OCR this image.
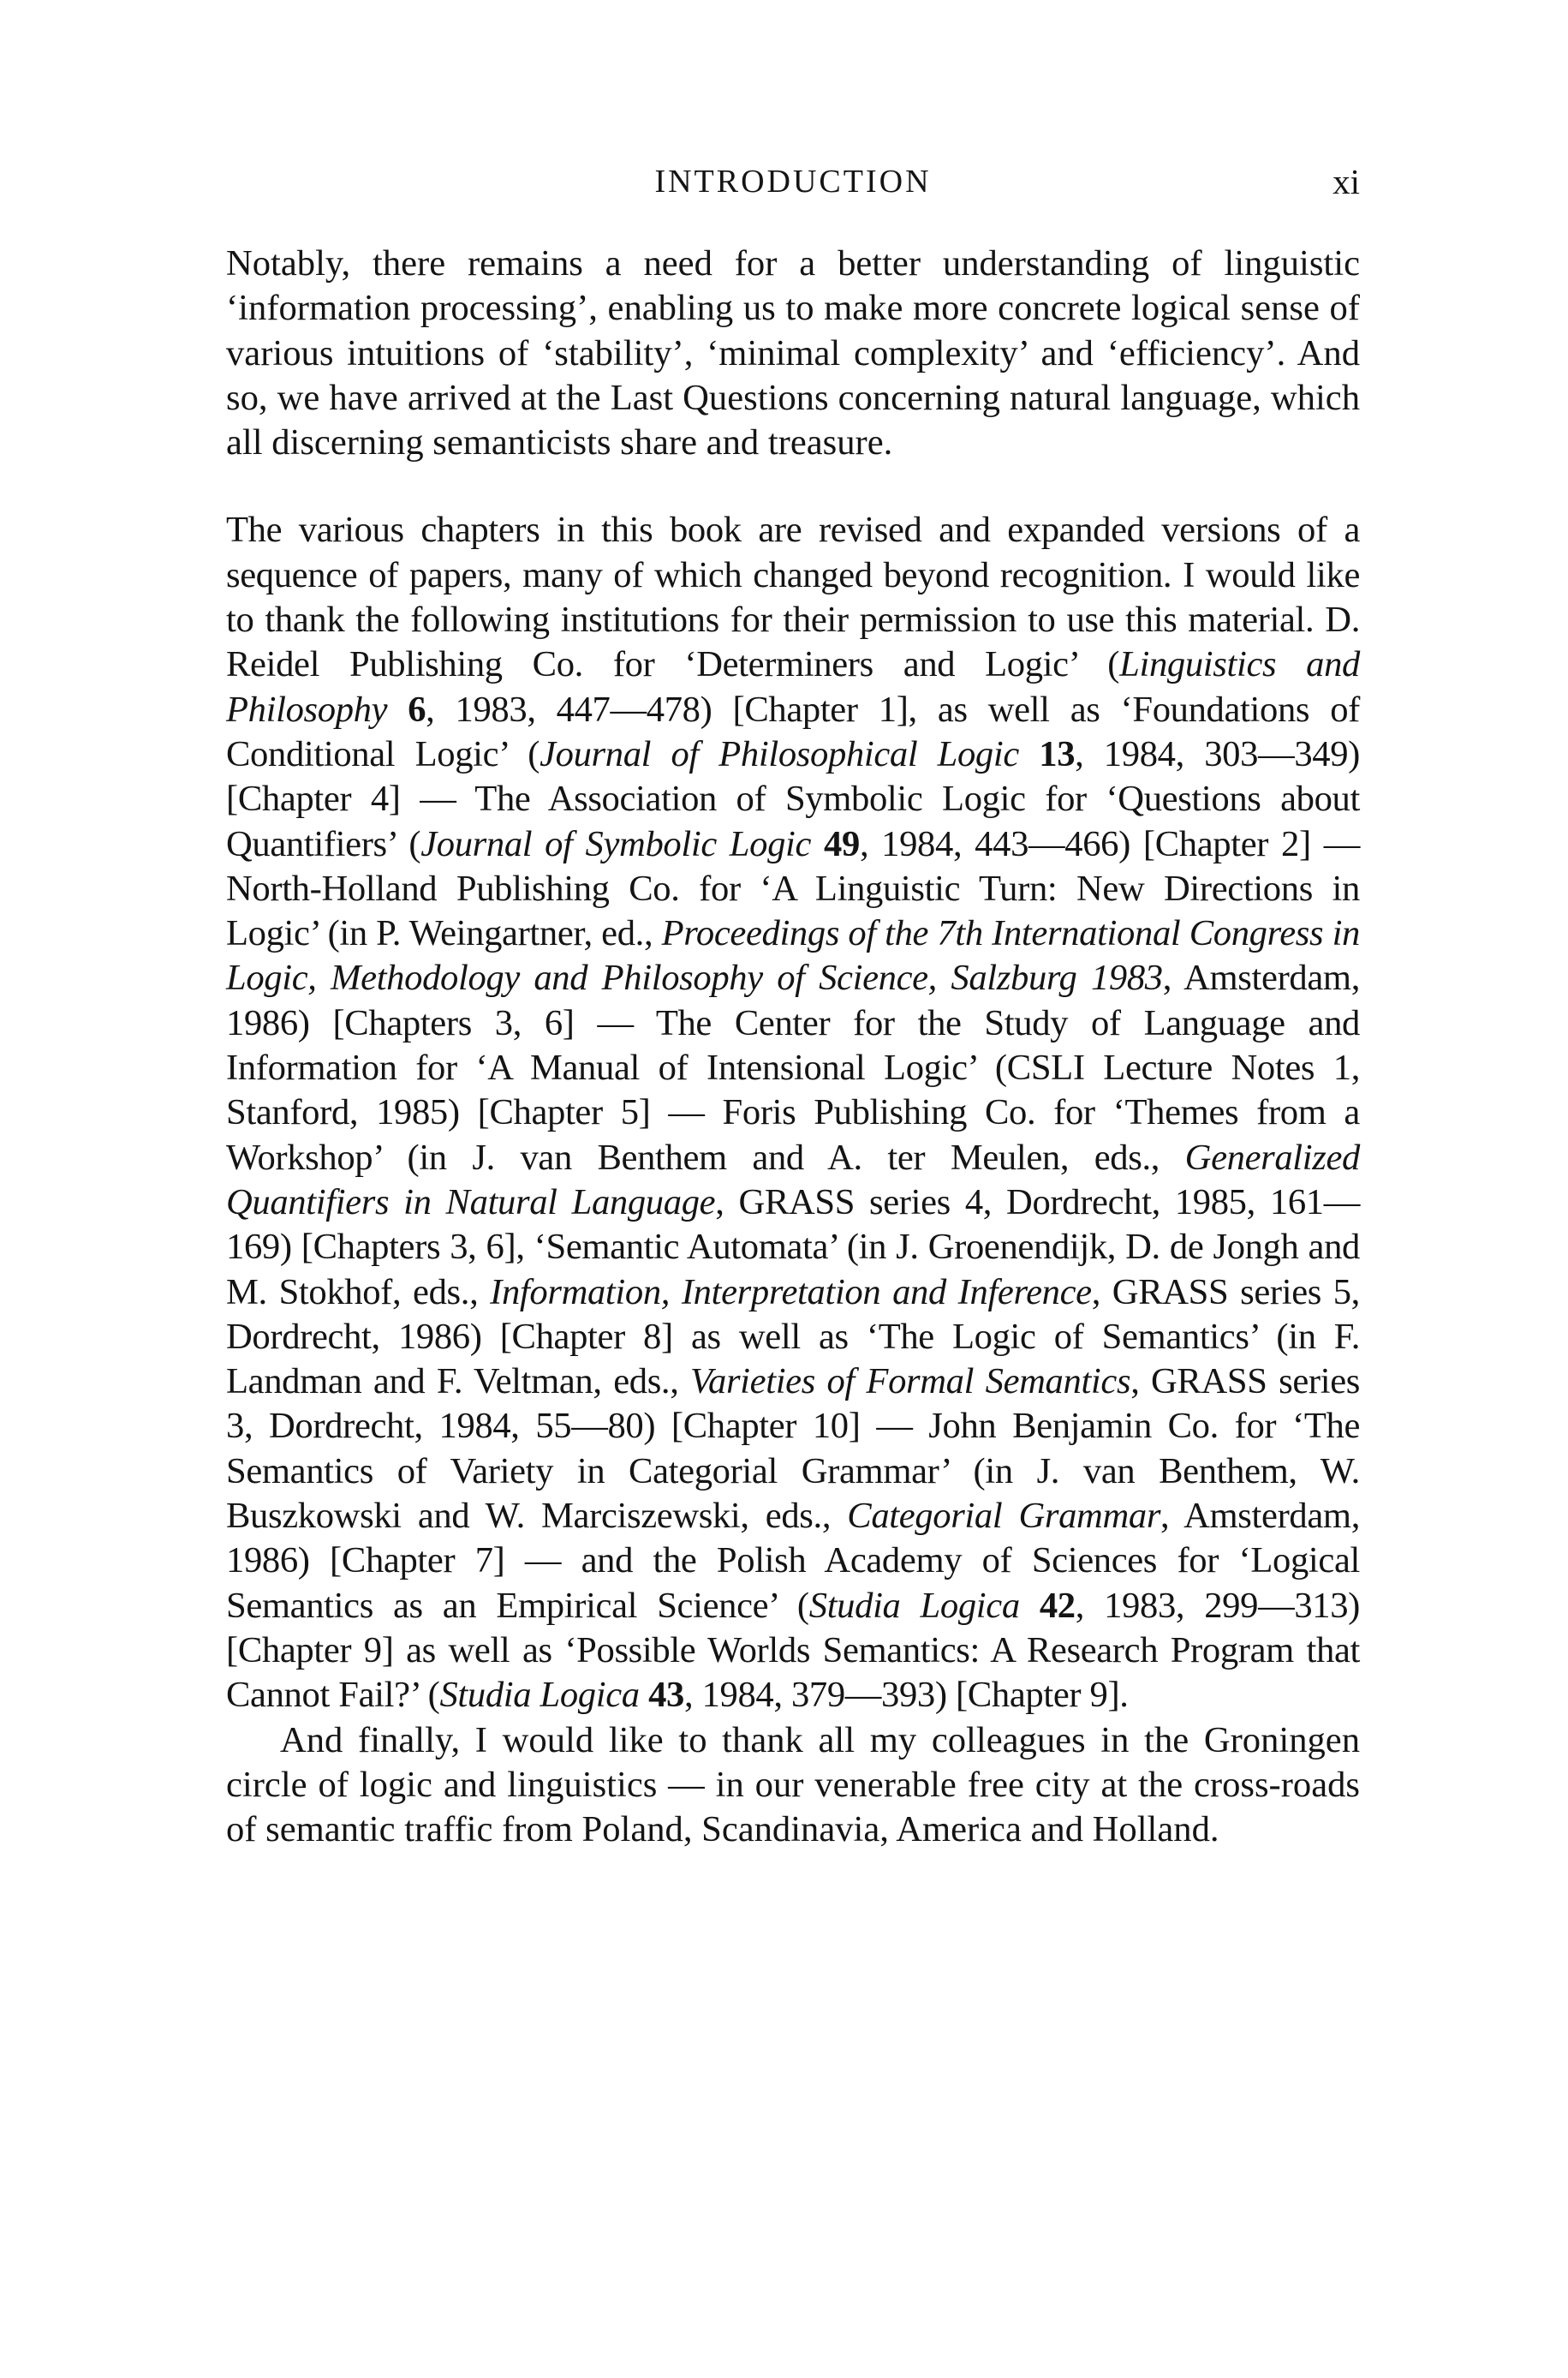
INTRODUCTION	xi

Notably, there remains a need for a better understanding of linguistic ‘information processing’, enabling us to make more concrete logical sense of various intuitions of ‘stability’, ‘minimal complexity’ and ‘efficiency’. And so, we have arrived at the Last Questions concerning natural language, which all discerning semanticists share and treasure.

The various chapters in this book are revised and expanded versions of a sequence of papers, many of which changed beyond recognition. I would like to thank the following institutions for their permission to use this material. D. Reidel Publishing Co. for ‘Determiners and Logic’ (Linguistics and Philosophy 6, 1983, 447—478) [Chapter 1], as well as ‘Foundations of Conditional Logic’ (Journal of Philosophical Logic 13, 1984, 303—349) [Chapter 4] — The Association of Symbolic Logic for ‘Questions about Quantifiers’ (Journal of Symbolic Logic 49, 1984, 443—466) [Chapter 2] — North-Holland Publishing Co. for ‘A Linguistic Turn: New Directions in Logic’ (in P. Weingartner, ed., Proceedings of the 7th International Congress in Logic, Methodology and Philosophy of Science, Salzburg 1983, Amsterdam, 1986) [Chapters 3, 6] — The Center for the Study of Language and Information for ‘A Manual of Intensional Logic’ (CSLI Lecture Notes 1, Stanford, 1985) [Chapter 5] — Foris Publishing Co. for ‘Themes from a Workshop’ (in J. van Benthem and A. ter Meulen, eds., Generalized Quantifiers in Natural Language, GRASS series 4, Dordrecht, 1985, 161—169) [Chapters 3, 6], ‘Semantic Automata’ (in J. Groenendijk, D. de Jongh and M. Stokhof, eds., Information, Interpretation and Inference, GRASS series 5, Dordrecht, 1986) [Chapter 8] as well as ‘The Logic of Semantics’ (in F. Landman and F. Veltman, eds., Varieties of Formal Semantics, GRASS series 3, Dordrecht, 1984, 55—80) [Chapter 10] — John Benjamin Co. for ‘The Semantics of Variety in Categorial Grammar’ (in J. van Benthem, W. Buszkowski and W. Marciszewski, eds., Categorial Grammar, Amsterdam, 1986) [Chapter 7] — and the Polish Academy of Sciences for ‘Logical Semantics as an Empirical Science’ (Studia Logica 42, 1983, 299—313) [Chapter 9] as well as ‘Possible Worlds Semantics: A Research Program that Cannot Fail?’ (Studia Logica 43, 1984, 379—393) [Chapter 9].

And finally, I would like to thank all my colleagues in the Groningen circle of logic and linguistics — in our venerable free city at the cross-roads of semantic traffic from Poland, Scandinavia, America and Holland.
